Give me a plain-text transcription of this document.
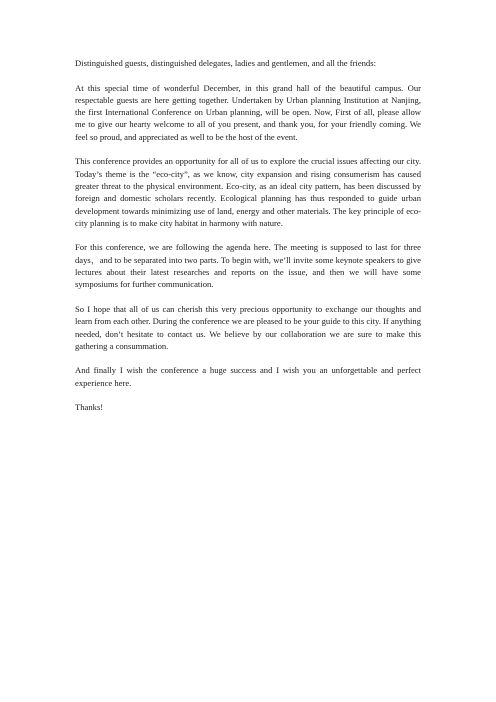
Distinguished guests, distinguished delegates, ladies and gentlemen, and all the friends:

At this special time of wonderful December, in this grand hall of the beautiful campus. Our respectable guests are here getting together. Undertaken by Urban planning Institution at Nanjing, the first International Conference on Urban planning, will be open. Now, First of all, please allow me to give our hearty welcome to all of you present, and thank you, for your friendly coming. We feel so proud, and appreciated as well to be the host of the event.

This conference provides an opportunity for all of us to explore the crucial issues affecting our city. Today’s theme is the “eco-city”, as we know, city expansion and rising consumerism has caused greater threat to the physical environment. Eco-city, as an ideal city pattern, has been discussed by foreign and domestic scholars recently. Ecological planning has thus responded to guide urban development towards minimizing use of land, energy and other materials. The key principle of eco-city planning is to make city habitat in harmony with nature.

For this conference, we are following the agenda here. The meeting is supposed to last for three days，and to be separated into two parts. To begin with, we’ll invite some keynote speakers to give lectures about their latest researches and reports on the issue, and then we will have some symposiums for further communication.

So I hope that all of us can cherish this very precious opportunity to exchange our thoughts and learn from each other. During the conference we are pleased to be your guide to this city. If anything needed, don’t hesitate to contact us. We believe by our collaboration we are sure to make this gathering a consummation.

And finally I wish the conference a huge success and I wish you an unforgettable and perfect experience here.

Thanks!
